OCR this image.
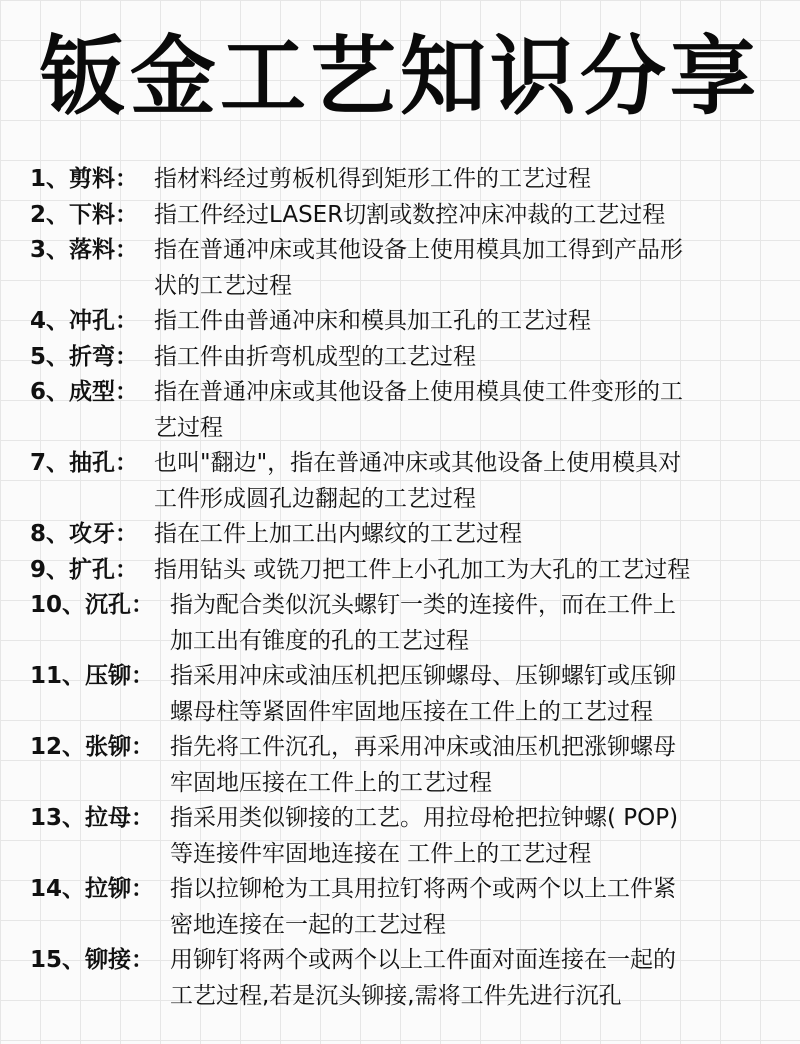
钣金工艺知识分享
1、剪料： 指材料经过剪板机得到矩形工件的工艺过程
2、下料： 指工件经过LASER切割或数控冲床冲裁的工艺过程
3、落料： 指在普通冲床或其他设备上使用模具加工得到产品形
状的工艺过程
4、冲孔： 指工件由普通冲床和模具加工孔的工艺过程
5、折弯： 指工件由折弯机成型的工艺过程
6、成型： 指在普通冲床或其他设备上使用模具使工件变形的工
艺过程
7、抽孔： 也叫"翻边"，指在普通冲床或其他设备上使用模具对
工件形成圆孔边翻起的工艺过程
8、攻牙： 指在工件上加工出内螺纹的工艺过程
9、扩孔： 指用钻头 或铣刀把工件上小孔加工为大孔的工艺过程
10、沉孔： 指为配合类似沉头螺钉一类的连接件，而在工件上
加工出有锥度的孔的工艺过程
11、压铆： 指采用冲床或油压机把压铆螺母、压铆螺钉或压铆
螺母柱等紧固件牢固地压接在工件上的工艺过程
12、张铆： 指先将工件沉孔，再采用冲床或油压机把涨铆螺母
牢固地压接在工件上的工艺过程
13、拉母： 指采用类似铆接的工艺。用拉母枪把拉钟螺( POP)
等连接件牢固地连接在 工件上的工艺过程
14、拉铆： 指以拉铆枪为工具用拉钉将两个或两个以上工件紧
密地连接在一起的工艺过程
15、铆接： 用铆钉将两个或两个以上工件面对面连接在一起的
工艺过程,若是沉头铆接,需将工件先进行沉孔
